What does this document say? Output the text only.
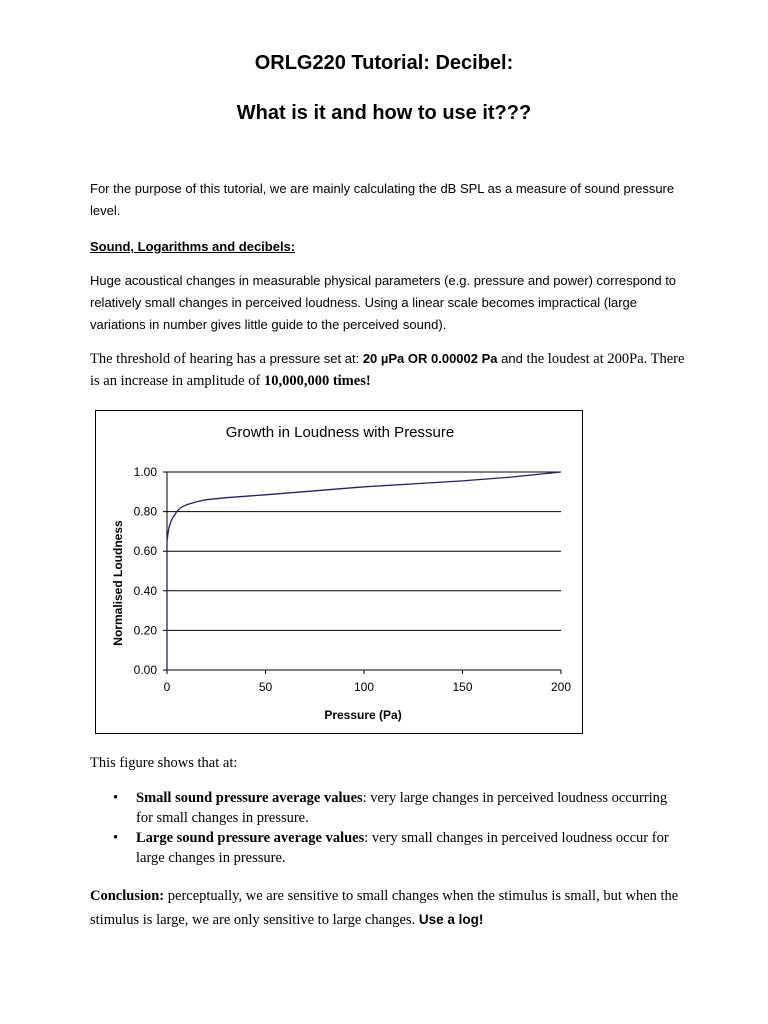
ORLG220 Tutorial: Decibel:
What is it and how to use it???
For the purpose of this tutorial, we are mainly calculating the dB SPL as a measure of sound pressure level.
Sound, Logarithms and decibels:
Huge acoustical changes in measurable physical parameters (e.g. pressure and power) correspond to relatively small changes in perceived loudness. Using a linear scale becomes impractical (large variations in number gives little guide to the perceived sound).
The threshold of hearing has a pressure set at: 20 µPa OR 0.00002 Pa and the loudest at 200Pa. There is an increase in amplitude of 10,000,000 times!
Growth in Loudness with Pressure
0.00
0.20
0.40
0.60
0.80
1.00
0	50	100	150	200
Pressure (Pa)
Normalised Loudness
This figure shows that at:
• Small sound pressure average values: very large changes in perceived loudness occurring for small changes in pressure.
• Large sound pressure average values: very small changes in perceived loudness occur for large changes in pressure.
Conclusion: perceptually, we are sensitive to small changes when the stimulus is small, but when the stimulus is large, we are only sensitive to large changes. Use a log!
